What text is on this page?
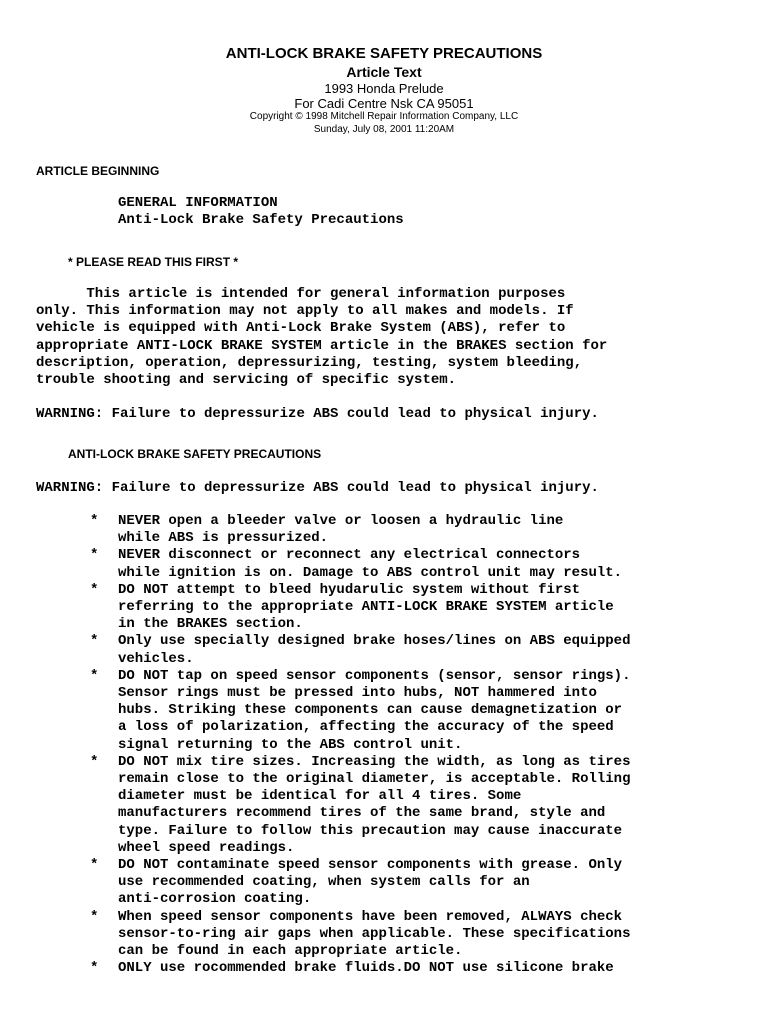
ANTI-LOCK BRAKE SAFETY PRECAUTIONS
Article Text
1993 Honda Prelude
For Cadi Centre Nsk CA 95051
Copyright © 1998 Mitchell Repair Information Company, LLC
Sunday, July 08, 2001 11:20AM
ARTICLE BEGINNING
GENERAL INFORMATION
Anti-Lock Brake Safety Precautions
* PLEASE READ THIS FIRST *
This article is intended for general information purposes
only. This information may not apply to all makes and models. If
vehicle is equipped with Anti-Lock Brake System (ABS), refer to
appropriate ANTI-LOCK BRAKE SYSTEM article in the BRAKES section for
description, operation, depressurizing, testing, system bleeding,
trouble shooting and servicing of specific system.
WARNING: Failure to depressurize ABS could lead to physical injury.
ANTI-LOCK BRAKE SAFETY PRECAUTIONS
WARNING: Failure to depressurize ABS could lead to physical injury.
* NEVER open a bleeder valve or loosen a hydraulic line
while ABS is pressurized.
* NEVER disconnect or reconnect any electrical connectors
while ignition is on. Damage to ABS control unit may result.
* DO NOT attempt to bleed hyudarulic system without first
referring to the appropriate ANTI-LOCK BRAKE SYSTEM article
in the BRAKES section.
* Only use specially designed brake hoses/lines on ABS equipped
vehicles.
* DO NOT tap on speed sensor components (sensor, sensor rings).
Sensor rings must be pressed into hubs, NOT hammered into
hubs. Striking these components can cause demagnetization or
a loss of polarization, affecting the accuracy of the speed
signal returning to the ABS control unit.
* DO NOT mix tire sizes. Increasing the width, as long as tires
remain close to the original diameter, is acceptable. Rolling
diameter must be identical for all 4 tires. Some
manufacturers recommend tires of the same brand, style and
type. Failure to follow this precaution may cause inaccurate
wheel speed readings.
* DO NOT contaminate speed sensor components with grease. Only
use recommended coating, when system calls for an
anti-corrosion coating.
* When speed sensor components have been removed, ALWAYS check
sensor-to-ring air gaps when applicable. These specifications
can be found in each appropriate article.
* ONLY use rocommended brake fluids.DO NOT use silicone brake
